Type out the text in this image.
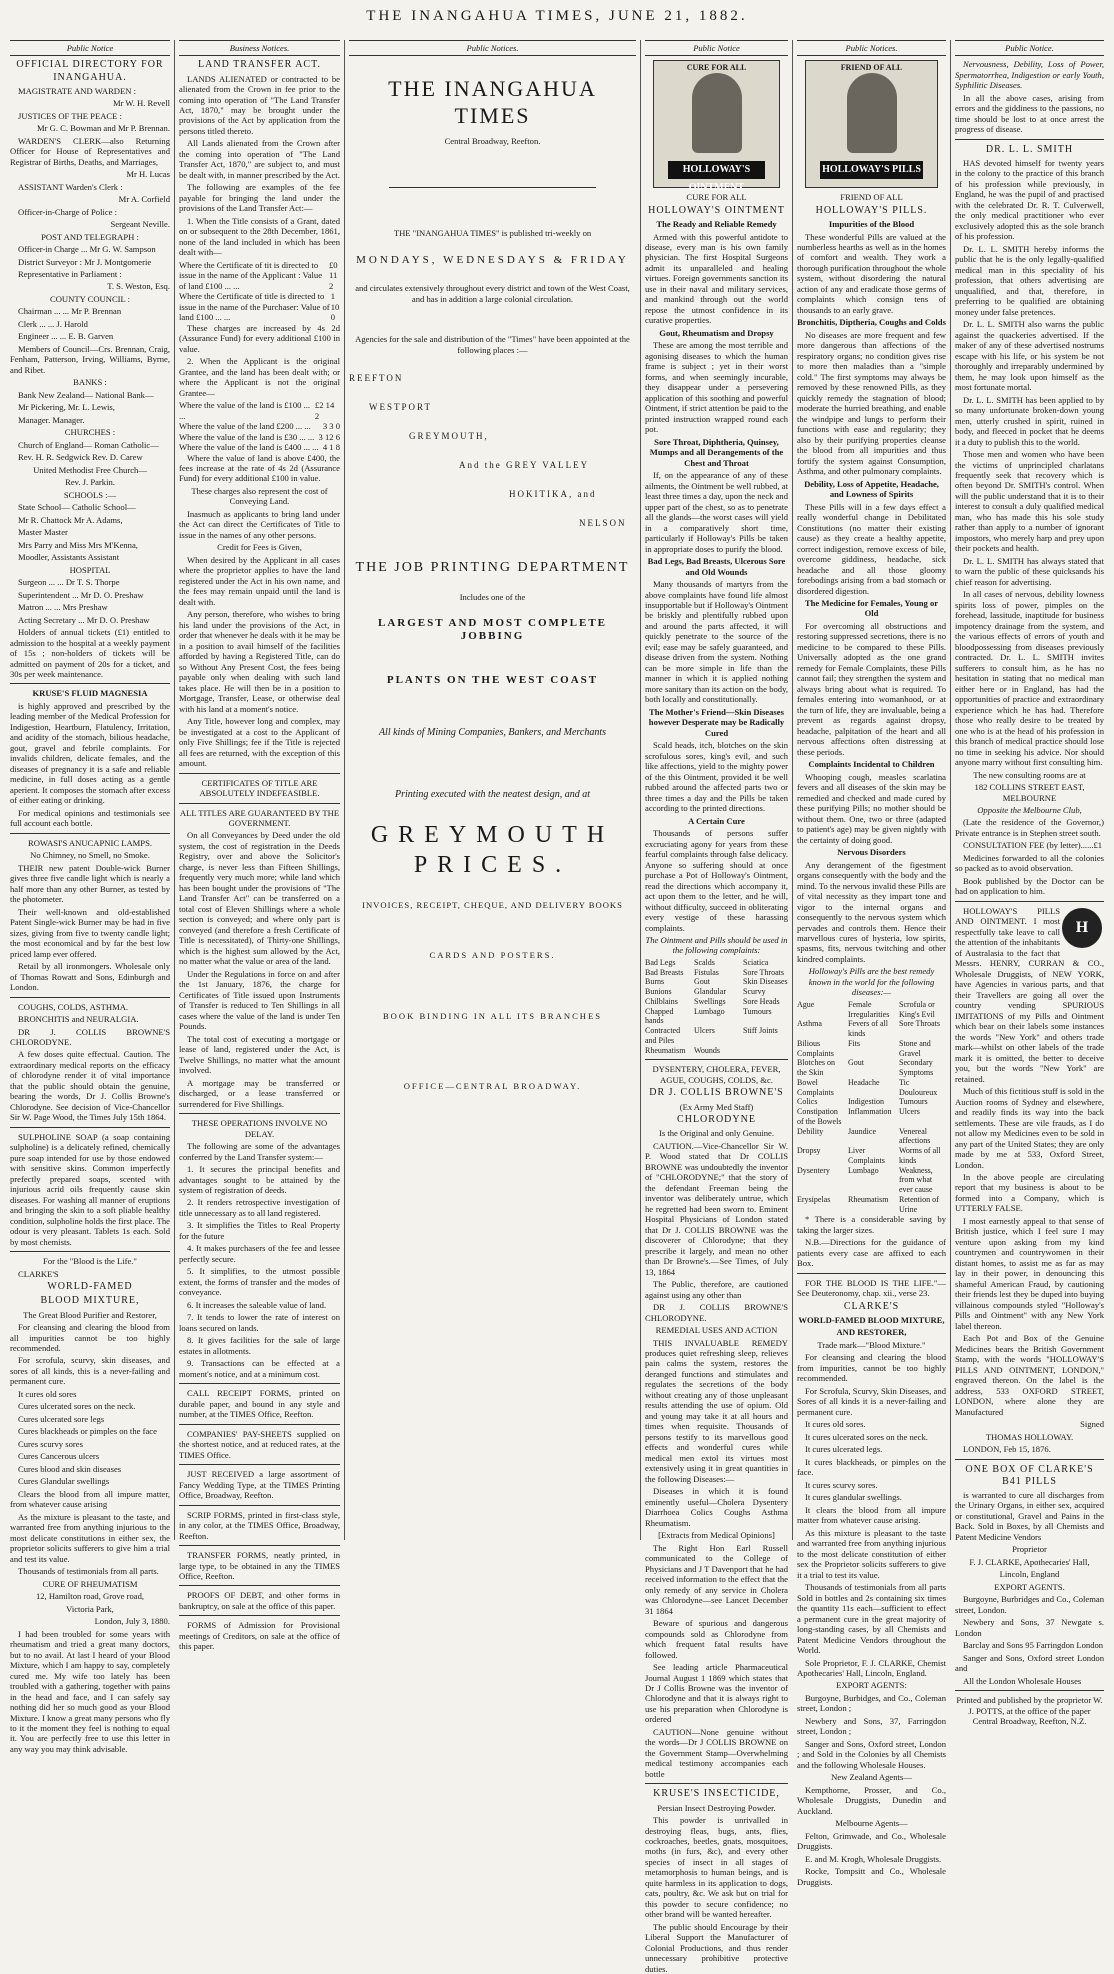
THE INANGAHUA TIMES, JUNE 21, 1882.
Public Notice
OFFICIAL DIRECTORY FOR INANGAHUA.

MAGISTRATE AND WARDEN :

Mr W. H. Revell

JUSTICES OF THE PEACE :

Mr G. C. Bowman and Mr P. Brennan.

WARDEN'S CLERK—also Returning Officer for House of Representatives and Registrar of Births, Deaths, and Marriages,

Mr H. Lucas

ASSISTANT Warden's Clerk :

Mr A. Corfield

Officer-in-Charge of Police :

Sergeant Neville.

POST AND TELEGRAPH :

Officer-in Charge ... Mr G. W. Sampson

District Surveyor : Mr J. Montgomerie

Representative in Parliament :

T. S. Weston, Esq.

COUNTY COUNCIL :

Chairman ... ... Mr P. Brennan

Clerk ... ... J. Harold

Engineer ... ... E. B. Garven

Members of Council—Crs. Brennan, Craig, Fenham, Patterson, Irving, Williams, Byrne, and Ribet.

BANKS :

Bank New Zealand— National Bank—

Mr Pickering, Mr. L. Lewis,

Manager. Manager.

CHURCHES :

Church of England— Roman Catholic—

Rev. H. R. Sedgwick Rev. D. Carew

United Methodist Free Church—

Rev. J. Parkin.

SCHOOLS :—

State School— Catholic School—

Mr R. Chattock Mr A. Adams,

Master Master

Mrs Parry and Miss Mrs M'Kenna,

Moodler, Assistants Assistant

HOSPITAL

Surgeon ... ... Dr T. S. Thorpe

Superintendent ... Mr D. O. Preshaw

Matron ... ... Mrs Preshaw

Acting Secretary ... Mr D. O. Preshaw

Holders of annual tickets (£1) entitled to admission to the hospital at a weekly payment of 15s ; non-holders of tickets will be admitted on payment of 20s for a ticket, and 30s per week maintenance.

KRUSE'S FLUID MAGNESIA

is highly approved and prescribed by the leading member of the Medical Profession for Indigestion, Heartburn, Flatulency, Irritation, and acidity of the stomach, bilious headache, gout, gravel and febrile complaints. For invalids children, delicate females, and the diseases of pregnancy it is a safe and reliable medicine, in full doses acting as a gentle aperient. It composes the stomach after excess of either eating or drinking.

For medical opinions and testimonials see full account each bottle.

ROWASI'S ANUCAPNIC LAMPS.

No Chimney, no Smell, no Smoke.

THEIR new patent Double-wick Burner gives three five candle light which is nearly a half more than any other Burner, as tested by the photometer.

Their well-known and old-established Patent Single-wick Burner may be had in five sizes, giving from five to twenty candle light; the most economical and by far the best low priced lamp ever offered.

Retail by all ironmongers. Wholesale only of Thomas Rowatt and Sons, Edinburgh and London.

COUGHS, COLDS, ASTHMA.

BRONCHITIS and NEURALGIA.

DR J. COLLIS BROWNE'S CHLORODYNE.

A few doses quite effectual. Caution. The extraordinary medical reports on the efficacy of chlorodyne render it of vital importance that the public should obtain the genuine, bearing the words, Dr J. Collis Browne's Chlorodyne. See decision of Vice-Chancellor Sir W. Page Wood, the Times July 15th 1864.

SULPHOLINE SOAP (a soap containing sulpholine) is a delicately refined, chemically pure soap intended for use by those endowed with sensitive skins. Common imperfectly prefectly prepared soaps, scented with injurious acrid oils frequently cause skin diseases. For washing all manner of eruptions and bringing the skin to a soft pliable healthy condition, sulpholine holds the first place. The odour is very pleasant. Tablets 1s each. Sold by most chemists.

For the "Blood is the Life."

CLARKE'S

WORLD-FAMED
BLOOD MIXTURE,

The Great Blood Purifier and Restorer,

For cleansing and clearing the blood from all impurities cannot be too highly recommended.

For scrofula, scurvy, skin diseases, and sores of all kinds, this is a never-failing and permanent cure.

It cures old sores

Cures ulcerated sores on the neck.

Cures ulcerated sore legs

Cures blackheads or pimples on the face

Cures scurvy sores

Cures Cancerous ulcers

Cures blood and skin diseases

Cures Glandular swellings

Clears the blood from all impure matter, from whatever cause arising

As the mixture is pleasant to the taste, and warranted free from anything injurious to the most delicate constitutions in either sex, the proprietor solicits sufferers to give him a trial and test its value.

Thousands of testimonials from all parts.

CURE OF RHEUMATISM

12, Hamilton road, Grove road,

Victoria Park,

London, July 3, 1880.

I had been troubled for some years with rheumatism and tried a great many doctors, but to no avail. At last I heard of your Blood Mixture, which I am happy to say, completely cured me. My wife too lately has been troubled with a gathering, together with pains in the head and face, and I can safely say nothing did her so much good as your Blood Mixture. I know a great many persons who fly to it the moment they feel is nothing to equal it. You are perfectly free to use this letter in any way you may think advisable.

Business Notices.
LAND TRANSFER ACT.

LANDS ALIENATED or contracted to be alienated from the Crown in fee prior to the coming into operation of "The Land Transfer Act, 1870," may be brought under the provisions of the Act by application from the persons titled thereto.

All Lands alienated from the Crown after the coming into operation of "The Land Transfer Act, 1870," are subject to, and must be dealt with, in manner prescribed by the Act.

The following are examples of the fee payable for bringing the land under the provisions of the Land Transfer Act:—

1. When the Title consists of a Grant, dated on or subsequent to the 28th December, 1861, none of the land included in which has been dealt with—

Where the Certificate of tit is directed to issue in the name of the Applicant : Value of land £100 ... ...
£0 11 2
Where the Certificate of title is directed to issue in the name of the Purchaser: Value of land £100 ... ...
1 10 0

These charges are increased by 4s 2d (Assurance Fund) for every additional £100 in value.

2. When the Applicant is the original Grantee, and the land has been dealt with; or where the Applicant is not the original Grantee—

Where the value of the land is £100 ... ...
£2 14 2
Where the value of the land £200 ... ... 3 3 0
Where the value of the land is £30 ... ... 3 12 6
Where the value of the land is £400 ... ... 4 1 8

Where the value of land is above £400, the fees increase at the rate of 4s 2d (Assurance Fund) for every additional £100 in value.

These charges also represent the cost of Conveying Land.

Inasmuch as applicants to bring land under the Act can direct the Certificates of Title to issue in the names of any other persons.

Credit for Fees is Given,

When desired by the Applicant in all cases where the proprietor applies to have the land registered under the Act in his own name, and the fees may remain unpaid until the land is dealt with.

Any person, therefore, who wishes to bring his land under the provisions of the Act, in order that whenever he deals with it he may be in a position to avail himself of the facilities afforded by having a Registered Title, can do so Without Any Present Cost, the fees being payable only when dealing with such land takes place. He will then be in a position to Mortgage, Transfer, Lease, or otherwise deal with his land at a moment's notice.

Any Title, however long and complex, may be investigated at a cost to the Applicant of only Five Shillings; fee if the Title is rejected all fees are returned, with the exception of this amount.

CERTIFICATES OF TITLE ARE ABSOLUTELY INDEFEASIBLE.

ALL TITLES ARE GUARANTEED BY THE GOVERNMENT.

On all Conveyances by Deed under the old system, the cost of registration in the Deeds Registry, over and above the Solicitor's charge, is never less than Fifteen Shillings, frequently very much more; while land which has been bought under the provisions of "The Land Transfer Act" can be transferred on a total cost of Eleven Shillings where a whole section is conveyed; and where only part is conveyed (and therefore a fresh Certificate of Title is necessitated), of Thirty-one Shillings, which is the highest sum allowed by the Act, no matter what the value or area of the land.

Under the Regulations in force on and after the 1st January, 1876, the charge for Certificates of Title issued upon Instruments of Transfer is reduced to Ten Shillings in all cases where the value of the land is under Ten Pounds.

The total cost of executing a mortgage or lease of land, registered under the Act, is Twelve Shillings, no matter what the amount involved.

A mortgage may be transferred or discharged, or a lease transferred or surrendered for Five Shillings.

THESE OPERATIONS INVOLVE NO DELAY.

The following are some of the advantages conferred by the Land Transfer system:—

1. It secures the principal benefits and advantages sought to be attained by the system of registration of deeds.

2. It renders retrospective investigation of title unnecessary as to all land registered.

3. It simplifies the Titles to Real Property for the future

4. It makes purchasers of the fee and lessee perfectly secure.

5. It simplifies, to the utmost possible extent, the forms of transfer and the modes of conveyance.

6. It increases the saleable value of land.

7. It tends to lower the rate of interest on loans secured on lands.

8. It gives facilities for the sale of large estates in allotments.

9. Transactions can be effected at a moment's notice, and at a minimum cost.

CALL RECEIPT FORMS, printed on durable paper, and bound in any style and number, at the TIMES Office, Reefton.

COMPANIES' PAY-SHEETS supplied on the shortest notice, and at reduced rates, at the TIMES Office.

JUST RECEIVED a large assortment of Fancy Wedding Type, at the TIMES Printing Office, Broadway, Reefton.

SCRIP FORMS, printed in first-class style, in any color, at the TIMES Office, Broadway, Reefton.

TRANSFER FORMS, neatly printed, in large type, to be obtained in any the TIMES Office, Reefton.

PROOFS OF DEBT, and other forms in bankruptcy, on sale at the office of this paper.

FORMS of Admission for Provisional meetings of Creditors, on sale at the office of this paper.

Public Notices.
THE INANGAHUA TIMES

Central Broadway, Reefton.

THE "INANGAHUA TIMES" is published tri-weekly on

MONDAYS, WEDNESDAYS & FRIDAY

and circulates extensively throughout every district and town of the West Coast, and has in addition a large colonial circulation.

Agencies for the sale and distribution of the "Times" have been appointed at the following places :—

REEFTON
WESTPORT
GREYMOUTH,
And the GREY VALLEY
HOKITIKA, and
NELSON
THE JOB PRINTING DEPARTMENT

Includes one of the

LARGEST AND MOST COMPLETE JOBBING

PLANTS ON THE WEST COAST

All kinds of Mining Companies, Bankers, and Merchants

Printing executed with the neatest design, and at

GREYMOUTH PRICES.

INVOICES, RECEIPT, CHEQUE, AND DELIVERY BOOKS

CARDS AND POSTERS.

BOOK BINDING IN ALL ITS BRANCHES

OFFICE—CENTRAL BROADWAY.

Public Notice
CURE FOR ALL
HOLLOWAY'S OINTMENT

CURE FOR ALL

HOLLOWAY'S OINTMENT
The Ready and Reliable Remedy

Armed with this powerful antidote to disease, every man is his own family physician. The first Hospital Surgeons admit its unparalleled and healing virtues. Foreign governments sanction its use in their naval and military services, and mankind through out the world repose the utmost confidence in its curative properties.

Gout, Rheumatism and Dropsy

These are among the most terrible and agonising diseases to which the human frame is subject ; yet in their worst forms, and when seemingly incurable, they disappear under a persevering application of this soothing and powerful Ointment, if strict attention be paid to the printed instruction wrapped round each pot.

Sore Throat, Diphtheria, Quinsey, Mumps and all Derangements of the Chest and Throat

If, on the appearance of any of these ailments, the Ointment be well rubbed, at least three times a day, upon the neck and upper part of the chest, so as to penetrate all the glands—the worst cases will yield in a comparatively short time, particularly if Holloway's Pills be taken in appropriate doses to purify the blood.

Bad Legs, Bad Breasts, Ulcerous Sore and Old Wounds

Many thousands of martyrs from the above complaints have found life almost insupportable but if Holloway's Ointment be briskly and plentifully rubbed upon and around the parts affected, it will quickly penetrate to the source of the evil; ease may be safely guaranteed, and disease driven from the system. Nothing can be more simple in life than the manner in which it is applied nothing more sanitary than its action on the body, both locally and constitutionally.

The Mother's Friend—Skin Diseases however Desperate may be Radically Cured

Scald heads, itch, blotches on the skin scrofulous sores, king's evil, and such like affections, yield to the mighty power of the this Ointment, provided it be well rubbed around the affected parts two or three times a day and the Pills be taken according to the printed directions.

A Certain Cure

Thousands of persons suffer excruciating agony for years from these fearful complaints through false delicacy. Anyone so suffering should at once purchase a Pot of Holloway's Ointment, read the directions which accompany it, act upon them to the letter, and he will, without difficulty, succeed in obliterating every vestige of these harassing complaints.

The Ointment and Pills should be used in the following complaints:

Bad Legs	Scalds	Sciatica
Bad Breasts	Fistulas	Sore Throats
Burns	Gout	Skin Diseases
Bunions	Glandular	Scurvy
Chilblains	Swellings	Sore Heads
Chapped hands
Lumbago	Tumours
Contracted and Piles
Ulcers	Stiff Joints
Rheumatism	Wounds

DYSENTERY, CHOLERA, FEVER, AGUE, COUGHS, COLDS, &c.

DR J. COLLIS BROWNE'S

(Ex Army Med Staff)

CHLORODYNE

Is the Original and only Genuine.

CAUTION.—Vice-Chancellor Sir W. P. Wood stated that Dr COLLIS BROWNE was undoubtedly the inventor of "CHLORODYNE;" that the story of the defendant Freeman being the inventor was deliberately untrue, which he regretted had been sworn to. Eminent Hospital Physicians of London stated that Dr J. COLLIS BROWNE was the discoverer of Chlorodyne; that they prescribe it largely, and mean no other than Dr Browne's.—See Times, of July 13, 1864

The Public, therefore, are cautioned against using any other than

DR J. COLLIS BROWNE'S CHLORODYNE.

REMEDIAL USES AND ACTION

THIS INVALUABLE REMEDY produces quiet refreshing sleep, relieves pain calms the system, restores the deranged functions and stimulates and regulates the secretions of the body without creating any of those unpleasant results attending the use of opium. Old and young may take it at all hours and times when requisite. Thousands of persons testify to its marvellous good effects and wonderful cures while medical men extol its virtues most extensively using it in great quantities in the following Diseases:—

Diseases in which it is found eminently useful—Cholera Dysentery Diarrhoea Colics Coughs Asthma Rheumatism.

[Extracts from Medical Opinions]

The Right Hon Earl Russell communicated to the College of Physicians and J T Davenport that he had received information to the effect that the only remedy of any service in Cholera was Chlorodyne—see Lancet December 31 1864

Beware of spurious and dangerous compounds sold as Chlorodyne from which frequent fatal results have followed.

See leading article Pharmaceutical Journal August 1 1869 which states that Dr J Collis Browne was the inventor of Chlorodyne and that it is always right to use his preparation when Chlorodyne is ordered

CAUTION—None genuine without the words—Dr J COLLIS BROWNE on the Government Stamp—Overwhelming medical testimony accompanies each bottle

KRUSE'S INSECTICIDE,

Persian Insect Destroying Powder.

This powder is unrivalled in destroying fleas, bugs, ants, flies, cockroaches, beetles, gnats, mosquitoes, moths (in furs, &c), and every other species of insect in all stages of metamorphosis to human beings, and is quite harmless in its application to dogs, cats, poultry, &c. We ask but on trial for this powder to secure confidence; no other brand will be wanted hereafter.

The public should Encourage by their Liberal Support the Manufacturer of Colonial Productions, and thus render unnecessary prohibitive protective duties.

Public Notices.
FRIEND OF ALL
HOLLOWAY'S PILLS

FRIEND OF ALL

HOLLOWAY'S PILLS.
Impurities of the Blood

These wonderful Pills are valued at the numberless hearths as well as in the homes of comfort and wealth. They work a thorough purification throughout the whole system, without disordering the natural action of any and eradicate those germs of complaints which consign tens of thousands to an early grave.

Bronchitis, Diptheria, Coughs and Colds

No diseases are more frequent and few more dangerous than affections of the respiratory organs; no condition gives rise to more then maladies than a "simple cold." The first symptoms may always be removed by these renowned Pills, as they quickly remedy the stagnation of blood; moderate the hurried breathing, and enable the windpipe and lungs to perform their functions with ease and regularity; they also by their purifying properties cleanse the blood from all impurities and thus fortify the system against Consumption, Asthma, and other pulmonary complaints.

Debility, Loss of Appetite, Headache, and Lowness of Spirits

These Pills will in a few days effect a really wonderful change in Debilitated Constitutions (no matter their existing cause) as they create a healthy appetite, correct indigestion, remove excess of bile, overcome giddiness, headache, sick headache and all those gloomy forebodings arising from a bad stomach or disordered digestion.

The Medicine for Females, Young or Old

For overcoming all obstructions and restoring suppressed secretions, there is no medicine to be compared to these Pills. Universally adopted as the one grand remedy for Female Complaints, these Pills cannot fail; they strengthen the system and always bring about what is required. To females entering into womanhood, or at the turn of life, they are invaluable, being a prevent as regards against dropsy, headache, palpitation of the heart and all nervous affections often distressing at these periods.

Complaints Incidental to Children

Whooping cough, measles scarlatina fevers and all diseases of the skin may be remedied and checked and made cured by these purifying Pills; no mother should be without them. One, two or three (adapted to patient's age) may be given nightly with the certainty of doing good.

Nervous Disorders

Any derangement of the figestment organs consequently with the body and the mind. To the nervous invalid these Pills are of vital necessity as they impart tone and vigor to the internal organs and consequently to the nervous system which pervades and controls them. Hence their marvellous cures of hysteria, low spirits, spasms, fits, nervous twitching and other kindred complaints.

Holloway's Pills are the best remedy known in the world for the following diseases:—

Ague	Female Irregularities
Scrofula or King's Evil
Asthma	Fevers of all kinds
Sore Throats
Bilious Complaints
Fits	Stone and Gravel
Blotches on the Skin
Gout	Secondary Symptoms
Bowel Complaints
Headache	Tic Douloureux
Colics	Indigestion	Tumours
Constipation of the Bowels
Inflammation Ulcers
Debility	Jaundice	Venereal affections
Dropsy	Liver Complaints
Worms of all kinds
Dysentery	Lumbago	Weakness, from what ever cause
Erysipelas	Rheumatism	Retention of Urine

* There is a considerable saving by taking the larger sizes.

N.B.—Directions for the guidance of patients every case are affixed to each Box.

FOR THE BLOOD IS THE LIFE."—See Deuteronomy, chap. xii., verse 23.

CLARKE'S
WORLD-FAMED BLOOD MIXTURE,
AND RESTORER,

Trade mark—"Blood Mixture."

For cleansing and clearing the blood from impurities, cannot be too highly recommended.

For Scrofula, Scurvy, Skin Diseases, and Sores of all kinds it is a never-failing and permanent cure.

It cures old sores.

It cures ulcerated sores on the neck.

It cures ulcerated legs.

It cures blackheads, or pimples on the face.

It cures scurvy sores.

It cures glandular swellings.

It clears the blood from all impure matter from whatever cause arising.

As this mixture is pleasant to the taste and warranted free from anything injurious to the most delicate constitution of either sex the Proprietor solicits sufferers to give it a trial to test its value.

Thousands of testimonials from all parts Sold in bottles and 2s containing six times the quantity 11s each—sufficient to effect a permanent cure in the great majority of long-standing cases, by all Chemists and Patent Medicine Vendors throughout the World.

Sole Proprietor, F. J. CLARKE, Chemist Apothecaries' Hall, Lincoln, England.

EXPORT AGENTS:

Burgoyne, Burbidges, and Co., Coleman street, London ;

Newbery and Sons, 37, Farringdon street, London ;

Sanger and Sons, Oxford street, London ; and Sold in the Colonies by all Chemists and the following Wholesale Houses.

New Zealand Agents—

Kempthorne, Prosser, and Co., Wholesale Druggists, Dunedin and Auckland.

Melbourne Agents—

Felton, Grimwade, and Co., Wholesale Druggists.

E. and M. Krogh, Wholesale Druggists.

Rocke, Tompsitt and Co., Wholesale Druggists.

Public Notice.

Nervousness, Debility, Loss of Power, Spermatorrhea, Indigestion or early Youth, Syphilitic Diseases.

In all the above cases, arising from errors and the giddiness to the passions, no time should be lost to at once arrest the progress of disease.

DR. L. L. SMITH

HAS devoted himself for twenty years in the colony to the practice of this branch of his profession while previously, in England, he was the pupil of and practised with the celebrated Dr. R. T. Culverwell, the only medical practitioner who ever exclusively adopted this as the sole branch of his profession.

Dr. L. L. SMITH hereby informs the public that he is the only legally-qualified medical man in this speciality of his profession, that others advertising are unqualified, and that, therefore, in preferring to be qualified are obtaining money under false pretences.

Dr. L. L. SMITH also warns the public against the quackeries advertised. If the maker of any of these advertised nostrums escape with his life, or his system be not thoroughly and irreparably undermined by them, he may look upon himself as the most fortunate mortal.

Dr. L. L. SMITH has been applied to by so many unfortunate broken-down young men, utterly crushed in spirit, ruined in body, and fleeced in pocket that he deems it a duty to publish this to the world.

Those men and women who have been the victims of unprincipled charlatans frequently seek that recovery which is often beyond Dr. SMITH's control. When will the public understand that it is to their interest to consult a duly qualified medical man, who has made this his sole study rather than apply to a number of ignorant impostors, who merely harp and prey upon their pockets and health.

Dr. L. L. SMITH has always stated that to warn the public of these quicksands his chief reason for advertising.

In all cases of nervous, debility lowness spirits loss of power, pimples on the forehead, lassitude, inaptitude for business impotency drainage from the system, and the various effects of errors of youth and bloodpossessing from diseases previously contracted. Dr. L. L. SMITH invites sufferers to consult him, as he has no hesitation in stating that no medical man either here or in England, has had the opportunities of practice and extraordinary experience which he has had. Therefore those who really desire to be treated by one who is at the head of his profession in this branch of medical practice should lose no time in seeking his advice. Nor should anyone marry without first consulting him.

The new consulting rooms are at

182 COLLINS STREET EAST, MELBOURNE

Opposite the Melbourne Club,

(Late the residence of the Governor,) Private entrance is in Stephen street south.

CONSULTATION FEE (by letter)......£1

Medicines forwarded to all the colonies so packed as to avoid observation.

Book published by the Doctor can be had on application to him.

H

HOLLOWAY'S PILLS AND OINTMENT. I most respectfully take leave to call the attention of the inhabitants of Australasia to the fact that Messrs. HENRY, CURRAN & CO., Wholesale Druggists, of NEW YORK, have Agencies in various parts, and that their Travellers are going all over the country vending SPURIOUS IMITATIONS of my Pills and Ointment which bear on their labels some instances the words "New York" and others trade mark—whilst on other labels of the trade mark it is omitted, the better to deceive you, but the words "New York" are retained.

Much of this fictitious stuff is sold in the Auction rooms of Sydney and elsewhere, and readily finds its way into the back settlements. These are vile frauds, as I do not allow my Medicines even to be sold in any part of the United States; they are only made by me at 533, Oxford Street, London.

In the above people are circulating report that my business is about to be formed into a Company, which is UTTERLY FALSE.

I most earnestly appeal to that sense of British justice, which I feel sure I may venture upon asking from my kind countrymen and countrywomen in their distant homes, to assist me as far as may lay in their power, in denouncing this shameful American Fraud, by cautioning their friends lest they be duped into buying villainous compounds styled "Holloway's Pills and Ointment" with any New York label thereon.

Each Pot and Box of the Genuine Medicines bears the British Government Stamp, with the words "HOLLOWAY'S PILLS AND OINTMENT, LONDON," engraved thereon. On the label is the address, 533 OXFORD STREET, LONDON, where alone they are Manufactured

Signed

THOMAS HOLLOWAY.

LONDON, Feb 15, 1876.

ONE BOX OF CLARKE'S B41 PILLS

is warranted to cure all discharges from the Urinary Organs, in either sex, acquired or constitutional, Gravel and Pains in the Back. Sold in Boxes, by all Chemists and Patent Medicine Vendors

Proprietor

F. J. CLARKE, Apothecaries' Hall,

Lincoln, England

EXPORT AGENTS.

Burgoyne, Burbridges and Co., Coleman street, London.

Newbery and Sons, 37 Newgate s. London

Barclay and Sons 95 Farringdon London

Sanger and Sons, Oxford street London and

All the London Wholesale Houses

Printed and published by the proprietor W. J. POTTS, at the office of the paper Central Broadway, Reefton, N.Z.
